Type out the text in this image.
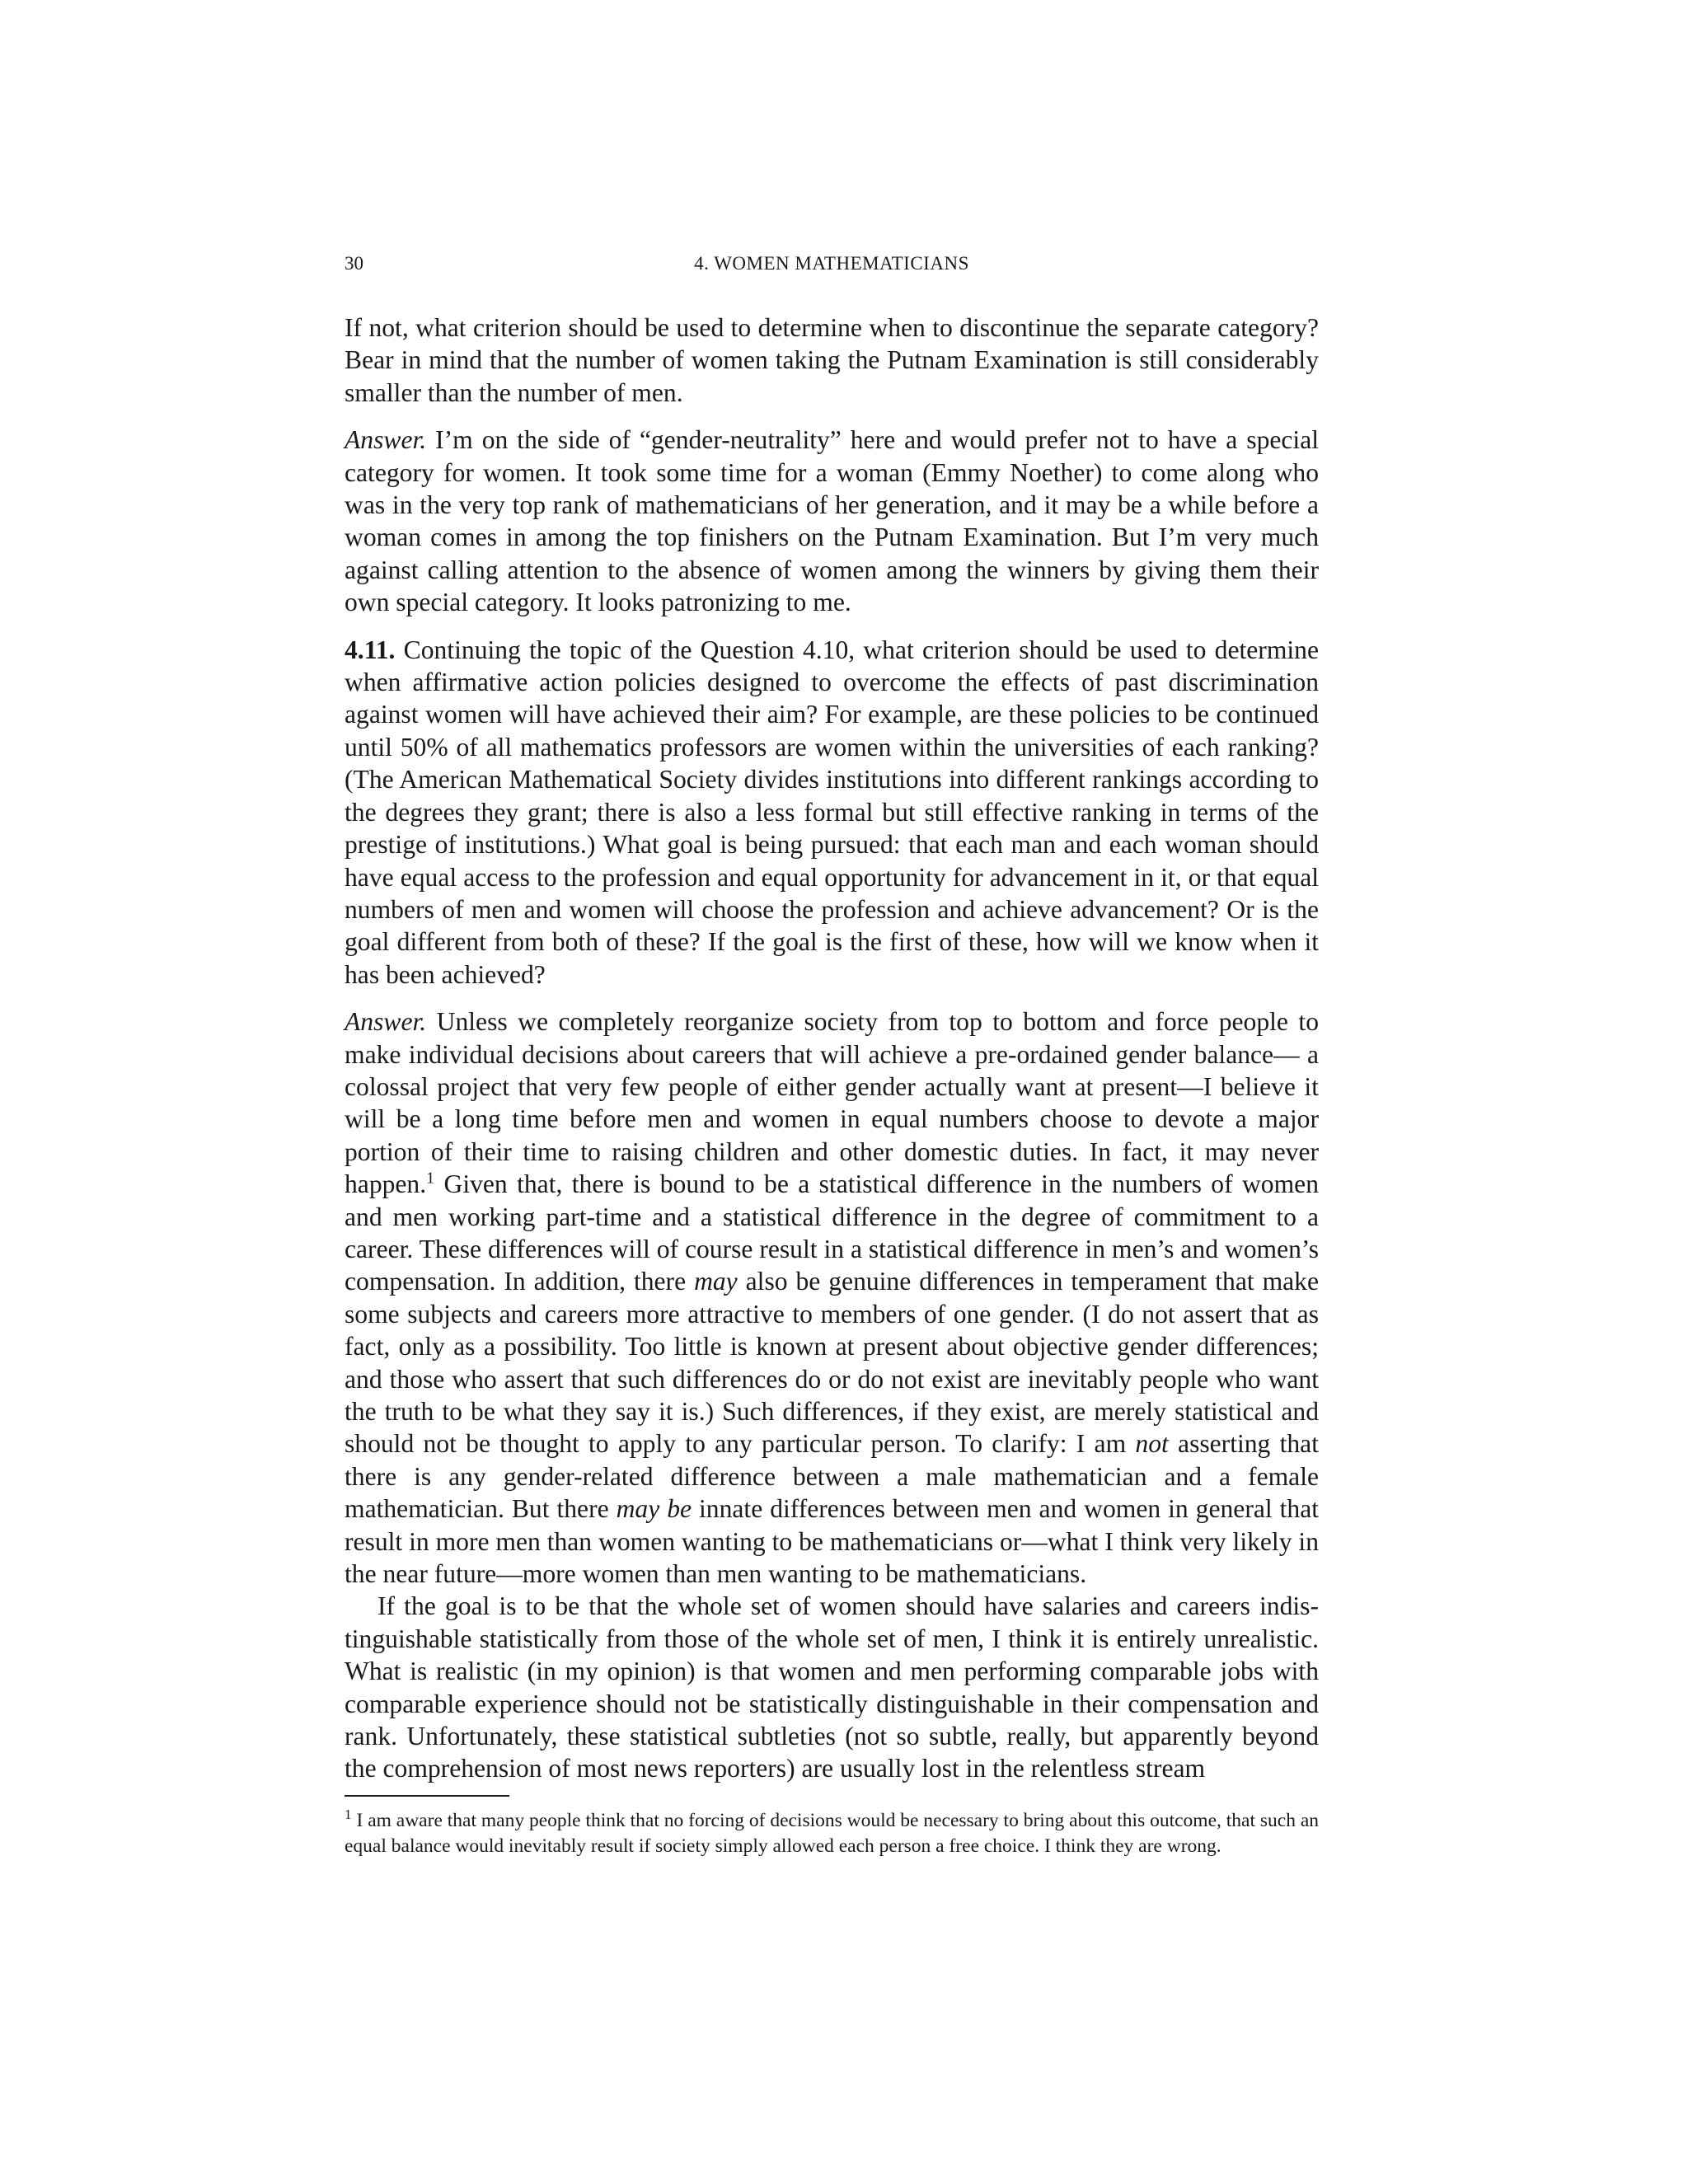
30	4. WOMEN MATHEMATICIANS

If not, what criterion should be used to determine when to discontinue the separate category? Bear in mind that the number of women taking the Putnam Examination is still considerably smaller than the number of men.

Answer. I’m on the side of “gender-neutrality” here and would prefer not to have a special category for women. It took some time for a woman (Emmy Noether) to come along who was in the very top rank of mathematicians of her generation, and it may be a while before a woman comes in among the top finishers on the Putnam Examination. But I’m very much against calling attention to the absence of women among the winners by giving them their own special category. It looks patronizing to me.

4.11. Continuing the topic of the Question 4.10, what criterion should be used to determine when affirmative action policies designed to overcome the effects of past discrimination against women will have achieved their aim? For example, are these policies to be continued until 50% of all mathematics professors are women within the universities of each ranking? (The American Mathematical Society divides institutions into different rankings according to the degrees they grant; there is also a less formal but still effective ranking in terms of the prestige of institutions.) What goal is being pursued: that each man and each woman should have equal access to the profession and equal opportunity for advancement in it, or that equal numbers of men and women will choose the profession and achieve advancement? Or is the goal different from both of these? If the goal is the first of these, how will we know when it has been achieved?

Answer. Unless we completely reorganize society from top to bottom and force people to make individual decisions about careers that will achieve a pre-ordained gender balance— a colossal project that very few people of either gender actually want at present—I believe it will be a long time before men and women in equal numbers choose to devote a major portion of their time to raising children and other domestic duties. In fact, it may never happen.$^1$ Given that, there is bound to be a statistical difference in the numbers of women and men working part-time and a statistical difference in the degree of commitment to a career. These differences will of course result in a statistical difference in men’s and women’s compensation. In addition, there may also be genuine differences in temperament that make some subjects and careers more attractive to members of one gender. (I do not assert that as fact, only as a possibility. Too little is known at present about objective gender differences; and those who assert that such differences do or do not exist are inevitably people who want the truth to be what they say it is.) Such differences, if they exist, are merely statistical and should not be thought to apply to any particular person. To clarify: I am not asserting that there is any gender-related difference between a male mathematician and a female mathematician. But there may be innate differences between men and women in general that result in more men than women wanting to be mathematicians or—what I think very likely in the near future—more women than men wanting to be mathematicians.

If the goal is to be that the whole set of women should have salaries and careers indistinguishable statistically from those of the whole set of men, I think it is entirely unrealistic. What is realistic (in my opinion) is that women and men performing comparable jobs with comparable experience should not be statistically distinguishable in their compensation and rank. Unfortunately, these statistical subtleties (not so subtle, really, but apparently beyond the comprehension of most news reporters) are usually lost in the relentless stream

$^1$ I am aware that many people think that no forcing of decisions would be necessary to bring about this outcome, that such an equal balance would inevitably result if society simply allowed each person a free choice. I think they are wrong.
